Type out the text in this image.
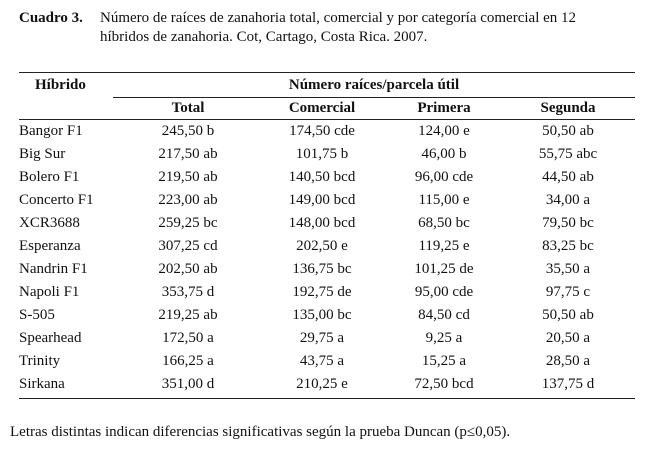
Cuadro 3. Número de raíces de zanahoria total, comercial y por categoría comercial en 12
híbridos de zanahoria. Cot, Cartago, Costa Rica. 2007.
Híbrido	Número raíces/parcela útil
Total	Comercial	Primera	Segunda
Bangor F1	245,50 b	174,50 cde	124,00 e	50,50 ab
Big Sur	217,50 ab	101,75 b	46,00 b	55,75 abc
Bolero F1	219,50 ab	140,50 bcd	96,00 cde	44,50 ab
Concerto F1	223,00 ab	149,00 bcd	115,00 e	34,00 a
XCR3688	259,25 bc	148,00 bcd	68,50 bc	79,50 bc
Esperanza	307,25 cd	202,50 e	119,25 e	83,25 bc
Nandrin F1	202,50 ab	136,75 bc	101,25 de	35,50 a
Napoli F1	353,75 d	192,75 de	95,00 cde	97,75 c
S-505	219,25 ab	135,00 bc	84,50 cd	50,50 ab
Spearhead	172,50 a	29,75 a	9,25 a	20,50 a
Trinity	166,25 a	43,75 a	15,25 a	28,50 a
Sirkana	351,00 d	210,25 e	72,50 bcd	137,75 d
Letras distintas indican diferencias significativas según la prueba Duncan (p≤0,05).
